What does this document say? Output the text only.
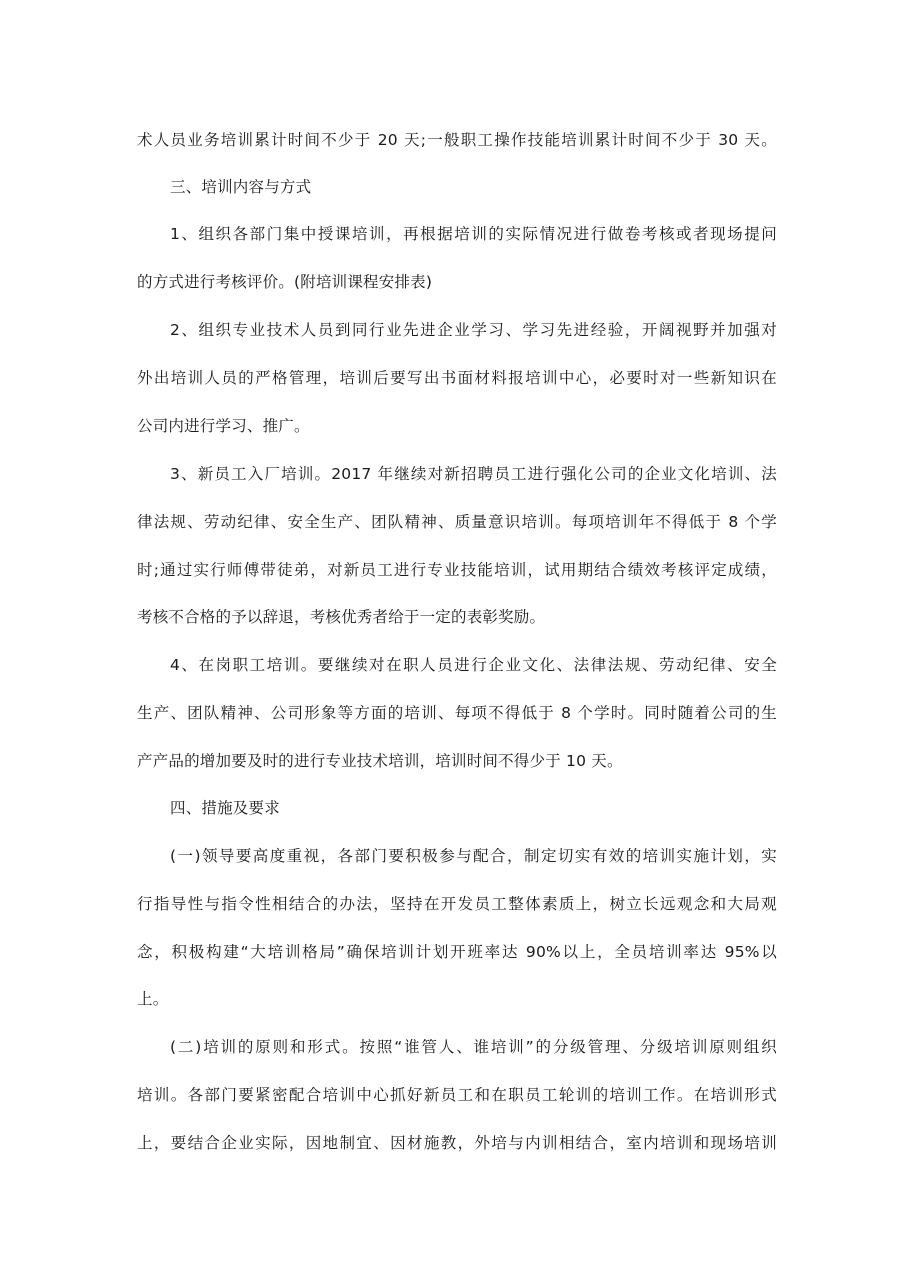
术人员业务培训累计时间不少于 20 天;一般职工操作技能培训累计时间不少于 30 天。
三、培训内容与方式
1、组织各部门集中授课培训，再根据培训的实际情况进行做卷考核或者现场提问
的方式进行考核评价。(附培训课程安排表)
2、组织专业技术人员到同行业先进企业学习、学习先进经验，开阔视野并加强对
外出培训人员的严格管理，培训后要写出书面材料报培训中心，必要时对一些新知识在
公司内进行学习、推广。
3、新员工入厂培训。2017 年继续对新招聘员工进行强化公司的企业文化培训、法
律法规、劳动纪律、安全生产、团队精神、质量意识培训。每项培训年不得低于 8 个学
时;通过实行师傅带徒弟，对新员工进行专业技能培训，试用期结合绩效考核评定成绩，
考核不合格的予以辞退，考核优秀者给于一定的表彰奖励。
4、在岗职工培训。要继续对在职人员进行企业文化、法律法规、劳动纪律、安全
生产、团队精神、公司形象等方面的培训、每项不得低于 8 个学时。同时随着公司的生
产产品的增加要及时的进行专业技术培训，培训时间不得少于 10 天。
四、措施及要求
(一)领导要高度重视，各部门要积极参与配合，制定切实有效的培训实施计划，实
行指导性与指令性相结合的办法，坚持在开发员工整体素质上，树立长远观念和大局观
念，积极构建“大培训格局”确保培训计划开班率达 90%以上，全员培训率达 95%以
上。
(二)培训的原则和形式。按照“谁管人、谁培训”的分级管理、分级培训原则组织
培训。各部门要紧密配合培训中心抓好新员工和在职员工轮训的培训工作。在培训形式
上，要结合企业实际，因地制宜、因材施教，外培与内训相结合，室内培训和现场培训
